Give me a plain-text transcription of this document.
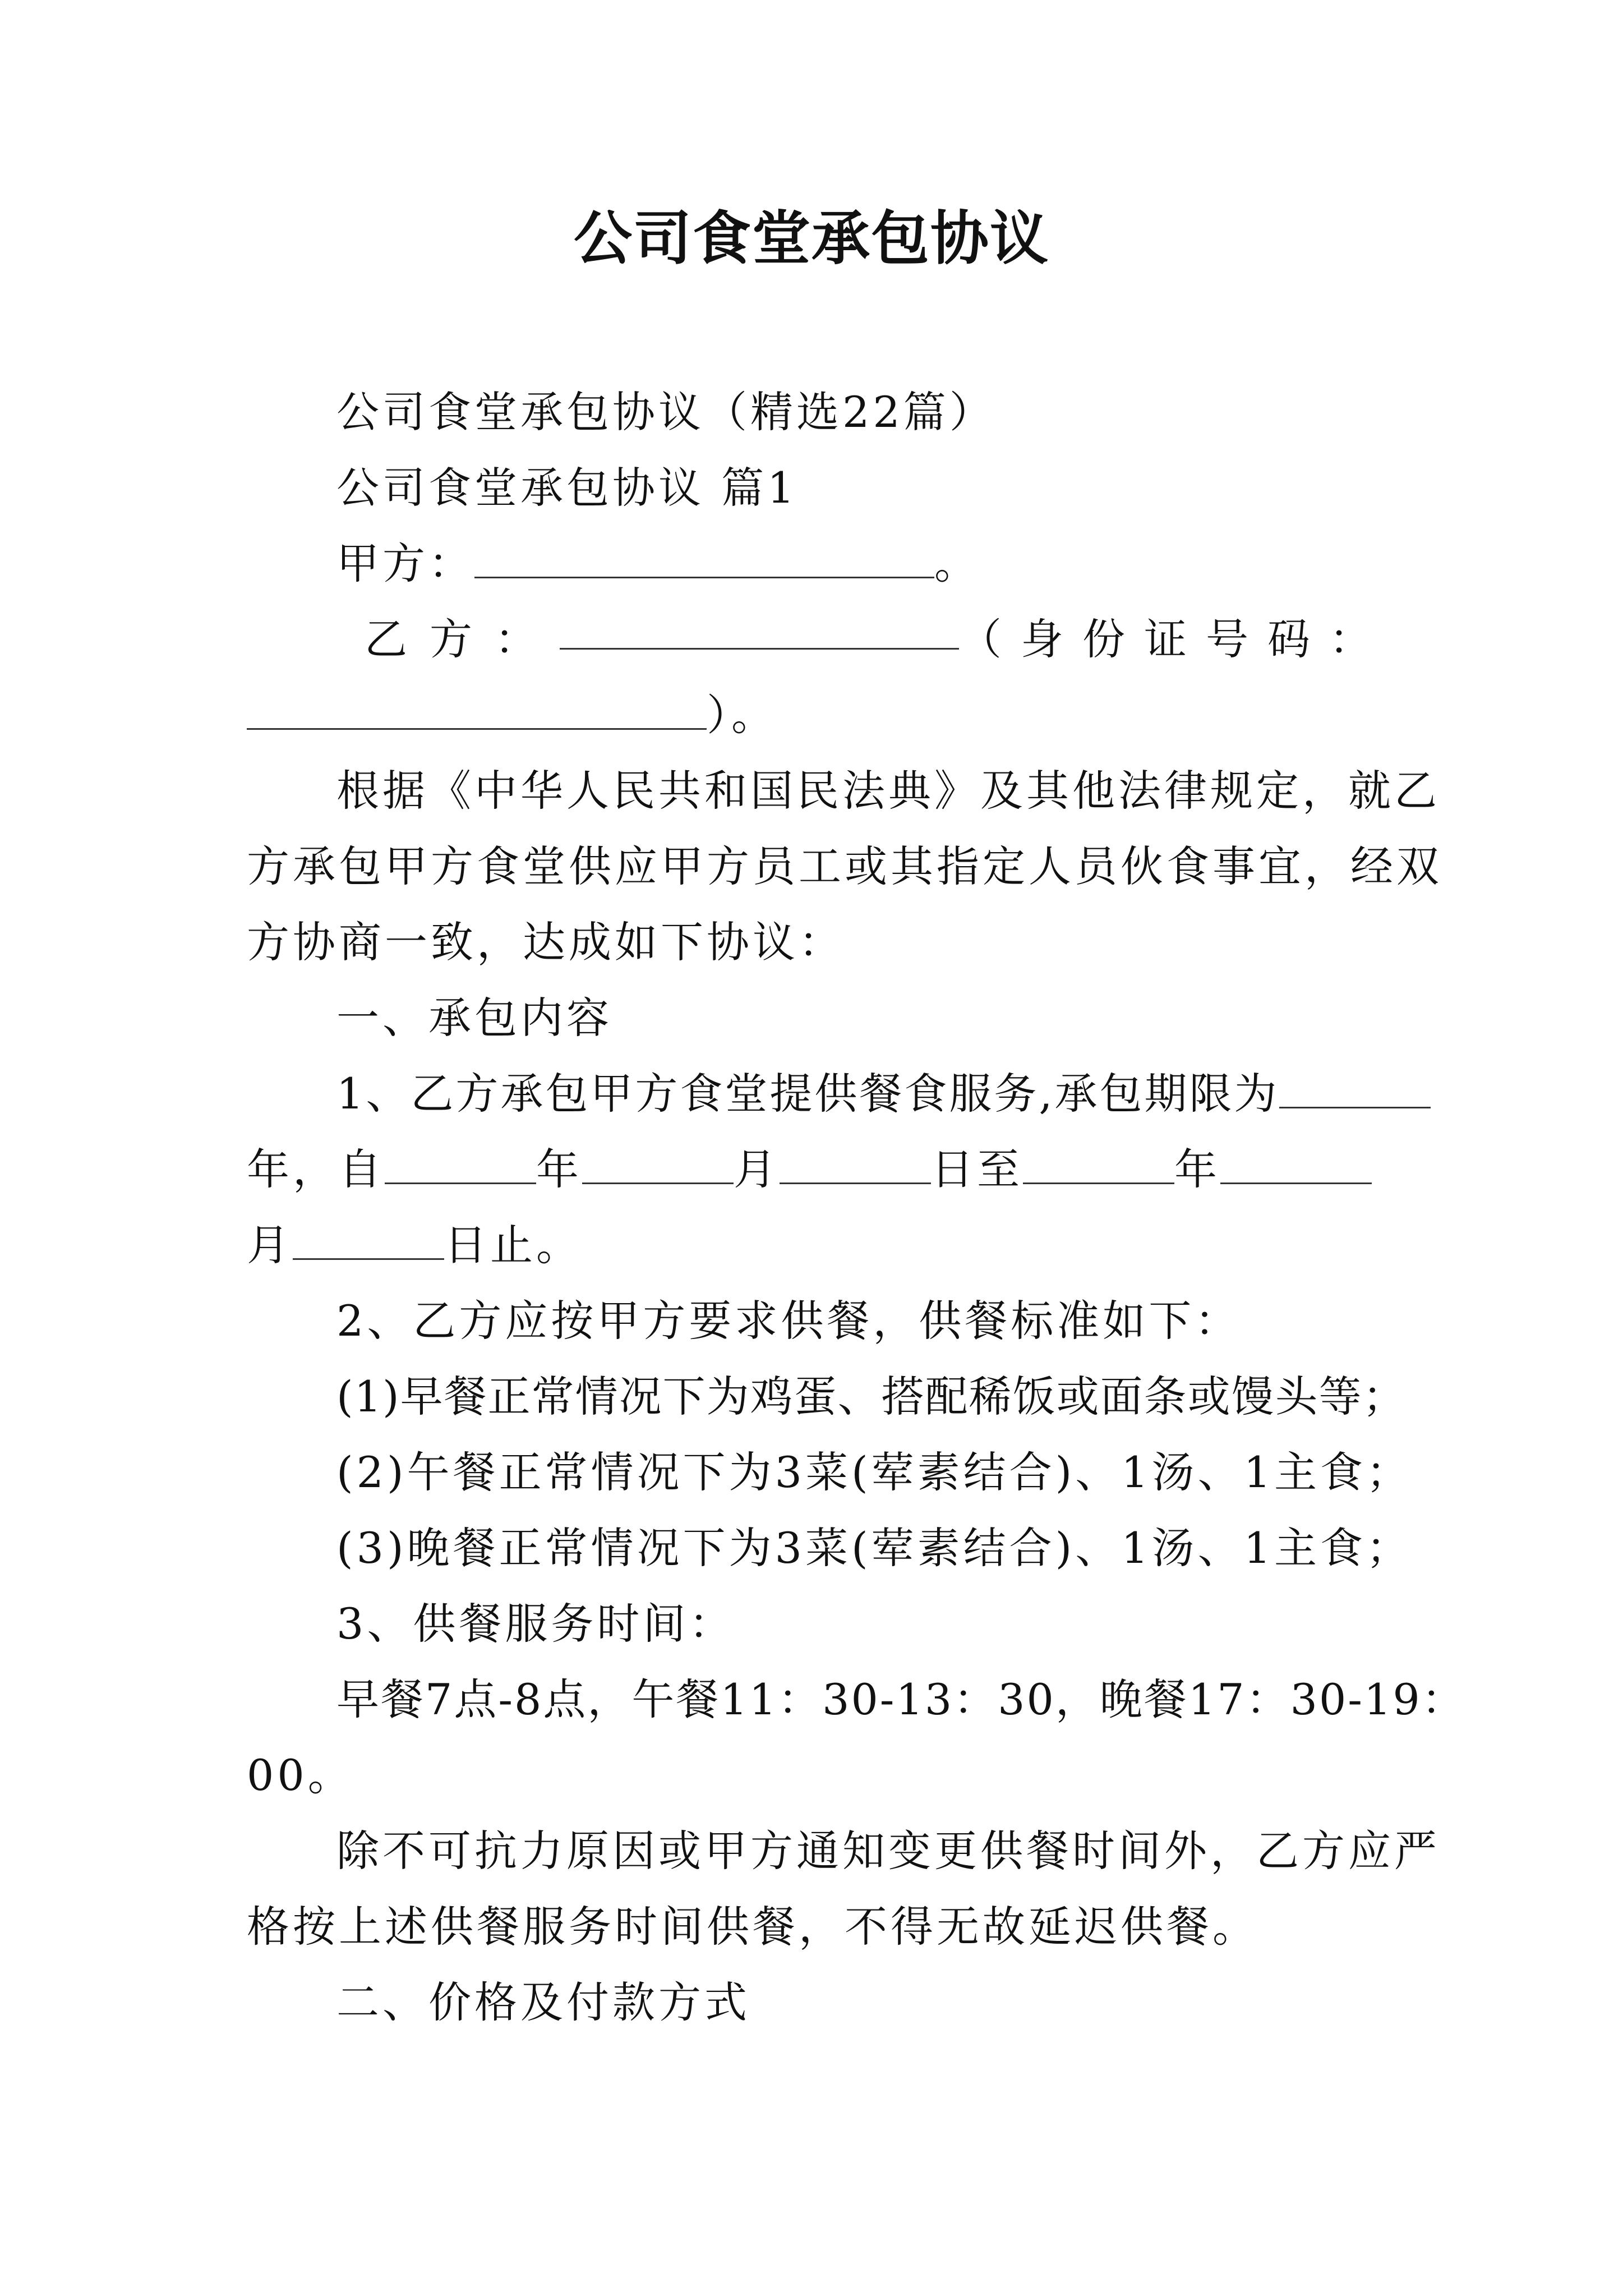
公司食堂承包协议
公司食堂承包协议（精选22篇）
公司食堂承包协议 篇1
甲方：	。
乙方：	（身份证号码：
）。
根据《中华人民共和国民法典》及其他法律规定，就乙
方承包甲方食堂供应甲方员工或其指定人员伙食事宜，经双
方协商一致，达成如下协议：
一、承包内容
1、乙方承包甲方食堂提供餐食服务,承包期限为
年，自	年	月	日至	年
月	日止。
2、乙方应按甲方要求供餐，供餐标准如下：
(1)早餐正常情况下为鸡蛋、搭配稀饭或面条或馒头等；
(2)午餐正常情况下为3菜(荤素结合)、1汤、1主食；
(3)晚餐正常情况下为3菜(荤素结合)、1汤、1主食；
3、供餐服务时间：
早餐7点-8点，午餐11：30-13：30，晚餐17：30-19：
00。
除不可抗力原因或甲方通知变更供餐时间外，乙方应严
格按上述供餐服务时间供餐，不得无故延迟供餐。
二、价格及付款方式
